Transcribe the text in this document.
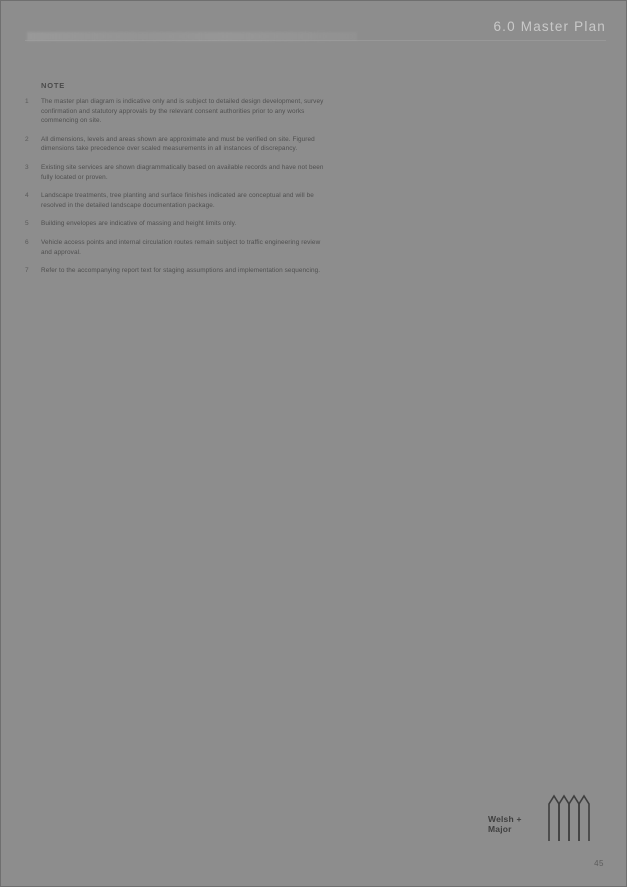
6.0 Master Plan
NOTE
1	The master plan diagram is indicative only and is subject to detailed design development, survey confirmation and statutory approvals by the relevant consent authorities prior to any works commencing on site.
2	All dimensions, levels and areas shown are approximate and must be verified on site. Figured dimensions take precedence over scaled measurements in all instances of discrepancy.
3	Existing site services are shown diagrammatically based on available records and have not been fully located or proven.
4	Landscape treatments, tree planting and surface finishes indicated are conceptual and will be resolved in the detailed landscape documentation package.
5	Building envelopes are indicative of massing and height limits only.
6	Vehicle access points and internal circulation routes remain subject to traffic engineering review and approval.
7	Refer to the accompanying report text for staging assumptions and implementation sequencing.
Welsh +
Major
45
